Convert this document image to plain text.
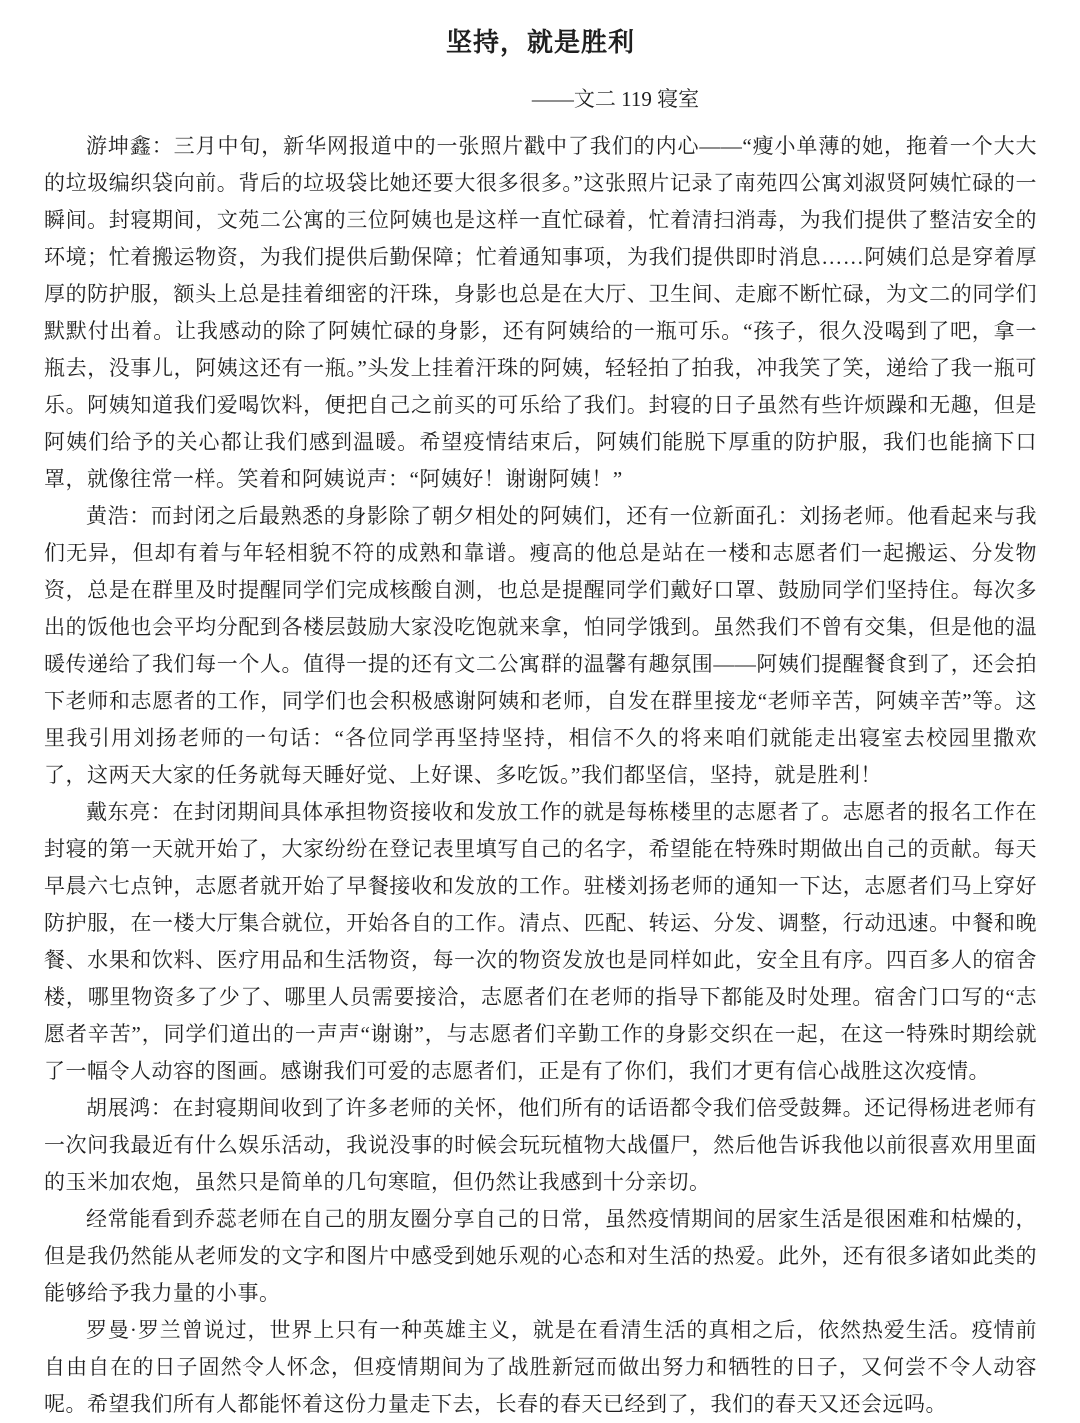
坚持，就是胜利
——文二 119 寝室

游坤鑫：三月中旬，新华网报道中的一张照片戳中了我们的内心——“瘦小单薄的她，拖着一个大大的垃圾编织袋向前。背后的垃圾袋比她还要大很多很多。”这张照片记录了南苑四公寓刘淑贤阿姨忙碌的一瞬间。封寝期间，文苑二公寓的三位阿姨也是这样一直忙碌着，忙着清扫消毒，为我们提供了整洁安全的环境；忙着搬运物资，为我们提供后勤保障；忙着通知事项，为我们提供即时消息……阿姨们总是穿着厚厚的防护服，额头上总是挂着细密的汗珠，身影也总是在大厅、卫生间、走廊不断忙碌，为文二的同学们默默付出着。让我感动的除了阿姨忙碌的身影，还有阿姨给的一瓶可乐。“孩子，很久没喝到了吧，拿一瓶去，没事儿，阿姨这还有一瓶。”头发上挂着汗珠的阿姨，轻轻拍了拍我，冲我笑了笑，递给了我一瓶可乐。阿姨知道我们爱喝饮料，便把自己之前买的可乐给了我们。封寝的日子虽然有些许烦躁和无趣，但是阿姨们给予的关心都让我们感到温暖。希望疫情结束后，阿姨们能脱下厚重的防护服，我们也能摘下口罩，就像往常一样。笑着和阿姨说声：“阿姨好！谢谢阿姨！”

黄浩：而封闭之后最熟悉的身影除了朝夕相处的阿姨们，还有一位新面孔：刘扬老师。他看起来与我们无异，但却有着与年轻相貌不符的成熟和靠谱。瘦高的他总是站在一楼和志愿者们一起搬运、分发物资，总是在群里及时提醒同学们完成核酸自测，也总是提醒同学们戴好口罩、鼓励同学们坚持住。每次多出的饭他也会平均分配到各楼层鼓励大家没吃饱就来拿，怕同学饿到。虽然我们不曾有交集，但是他的温暖传递给了我们每一个人。值得一提的还有文二公寓群的温馨有趣氛围——阿姨们提醒餐食到了，还会拍下老师和志愿者的工作，同学们也会积极感谢阿姨和老师，自发在群里接龙“老师辛苦，阿姨辛苦”等。这里我引用刘扬老师的一句话：“各位同学再坚持坚持，相信不久的将来咱们就能走出寝室去校园里撒欢了，这两天大家的任务就每天睡好觉、上好课、多吃饭。”我们都坚信，坚持，就是胜利！

戴东亮：在封闭期间具体承担物资接收和发放工作的就是每栋楼里的志愿者了。志愿者的报名工作在封寝的第一天就开始了，大家纷纷在登记表里填写自己的名字，希望能在特殊时期做出自己的贡献。每天早晨六七点钟，志愿者就开始了早餐接收和发放的工作。驻楼刘扬老师的通知一下达，志愿者们马上穿好防护服，在一楼大厅集合就位，开始各自的工作。清点、匹配、转运、分发、调整，行动迅速。中餐和晚餐、水果和饮料、医疗用品和生活物资，每一次的物资发放也是同样如此，安全且有序。四百多人的宿舍楼，哪里物资多了少了、哪里人员需要接洽，志愿者们在老师的指导下都能及时处理。宿舍门口写的“志愿者辛苦”，同学们道出的一声声“谢谢”，与志愿者们辛勤工作的身影交织在一起，在这一特殊时期绘就了一幅令人动容的图画。感谢我们可爱的志愿者们，正是有了你们，我们才更有信心战胜这次疫情。

胡展鸿：在封寝期间收到了许多老师的关怀，他们所有的话语都令我们倍受鼓舞。还记得杨进老师有一次问我最近有什么娱乐活动，我说没事的时候会玩玩植物大战僵尸，然后他告诉我他以前很喜欢用里面的玉米加农炮，虽然只是简单的几句寒暄，但仍然让我感到十分亲切。

经常能看到乔蕊老师在自己的朋友圈分享自己的日常，虽然疫情期间的居家生活是很困难和枯燥的，但是我仍然能从老师发的文字和图片中感受到她乐观的心态和对生活的热爱。此外，还有很多诸如此类的能够给予我力量的小事。

罗曼·罗兰曾说过，世界上只有一种英雄主义，就是在看清生活的真相之后，依然热爱生活。疫情前自由自在的日子固然令人怀念，但疫情期间为了战胜新冠而做出努力和牺牲的日子，又何尝不令人动容呢。希望我们所有人都能怀着这份力量走下去，长春的春天已经到了，我们的春天又还会远吗。
